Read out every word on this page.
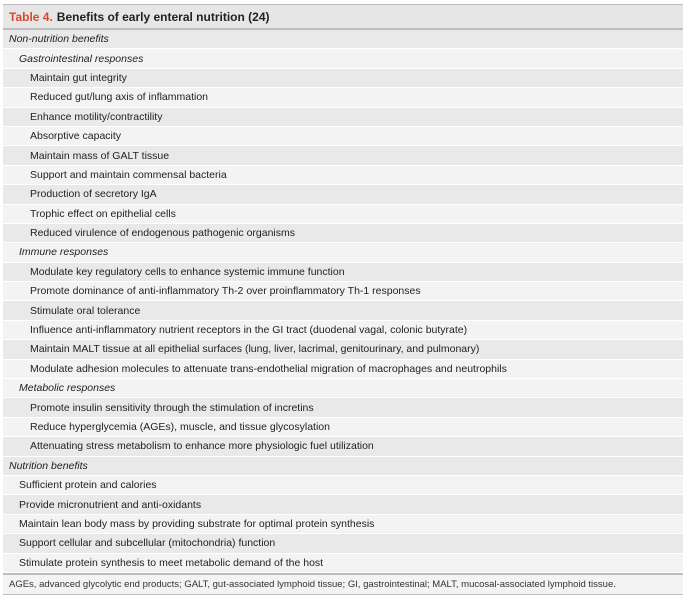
Table 4. Benefits of early enteral nutrition (24)
Non-nutrition benefits
Gastrointestinal responses
Maintain gut integrity
Reduced gut/lung axis of inflammation
Enhance motility/contractility
Absorptive capacity
Maintain mass of GALT tissue
Support and maintain commensal bacteria
Production of secretory IgA
Trophic effect on epithelial cells
Reduced virulence of endogenous pathogenic organisms
Immune responses
Modulate key regulatory cells to enhance systemic immune function
Promote dominance of anti-inflammatory Th-2 over proinflammatory Th-1 responses
Stimulate oral tolerance
Influence anti-inflammatory nutrient receptors in the GI tract (duodenal vagal, colonic butyrate)
Maintain MALT tissue at all epithelial surfaces (lung, liver, lacrimal, genitourinary, and pulmonary)
Modulate adhesion molecules to attenuate trans-endothelial migration of macrophages and neutrophils
Metabolic responses
Promote insulin sensitivity through the stimulation of incretins
Reduce hyperglycemia (AGEs), muscle, and tissue glycosylation
Attenuating stress metabolism to enhance more physiologic fuel utilization
Nutrition benefits
Sufficient protein and calories
Provide micronutrient and anti-oxidants
Maintain lean body mass by providing substrate for optimal protein synthesis
Support cellular and subcellular (mitochondria) function
Stimulate protein synthesis to meet metabolic demand of the host
AGEs, advanced glycolytic end products; GALT, gut-associated lymphoid tissue; GI, gastrointestinal; MALT, mucosal-associated lymphoid tissue.
